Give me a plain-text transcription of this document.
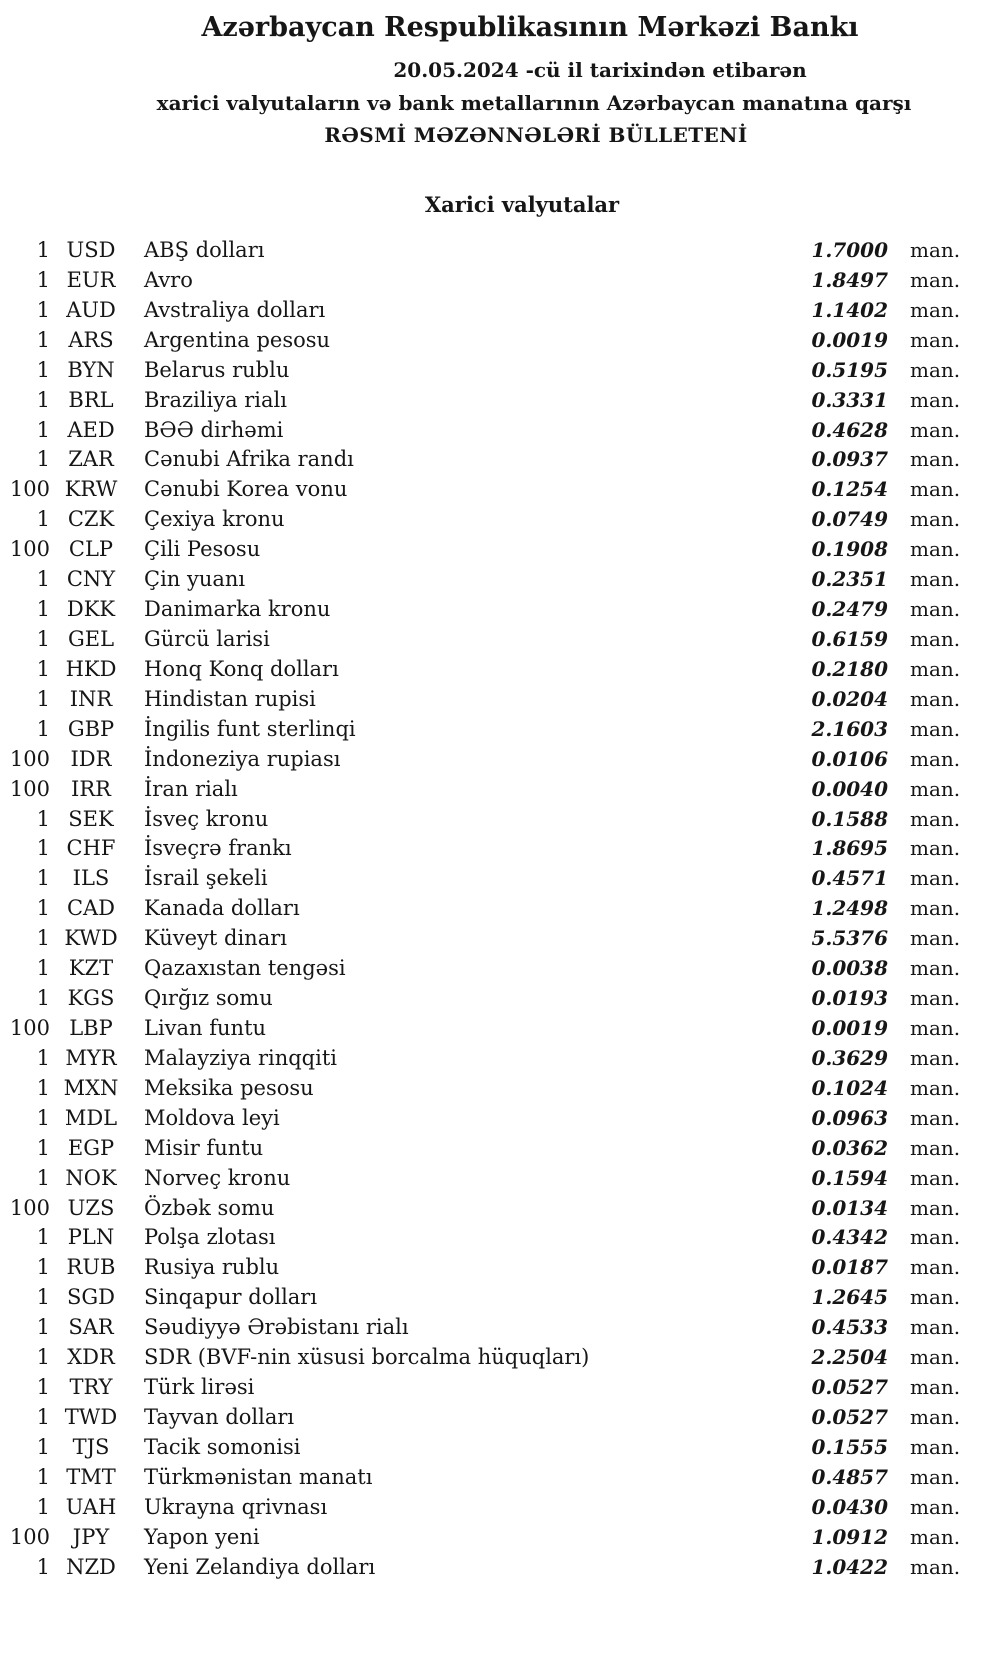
Azərbaycan Respublikasının Mərkəzi Bankı
20.05.2024 -cü il tarixindən etibarən
xarici valyutaların və bank metallarının Azərbaycan manatına qarşı
RƏSMİ MƏZƏNNƏLƏRİ BÜLLETENİ
Xarici valyutalar
1 USD	ABŞ dolları	1.7000	man.
1 EUR	Avro	1.8497	man.
1 AUD	Avstraliya dolları	1.1402	man.
1 ARS	Argentina pesosu	0.0019	man.
1 BYN	Belarus rublu	0.5195	man.
1 BRL	Braziliya rialı	0.3331	man.
1 AED	BƏƏ dirhəmi	0.4628	man.
1 ZAR	Cənubi Afrika randı	0.0937	man.
100 KRW	Cənubi Korea vonu	0.1254	man.
1 CZK	Çexiya kronu	0.0749	man.
100 CLP	Çili Pesosu	0.1908	man.
1 CNY	Çin yuanı	0.2351	man.
1 DKK	Danimarka kronu	0.2479	man.
1 GEL	Gürcü larisi	0.6159	man.
1 HKD	Honq Konq dolları	0.2180	man.
1 INR	Hindistan rupisi	0.0204	man.
1 GBP	İngilis funt sterlinqi	2.1603	man.
100 IDR	İndoneziya rupiası	0.0106	man.
100	IRR	İran rialı	0.0040	man.
1 SEK	İsveç kronu	0.1588	man.
1 CHF	İsveçrə frankı	1.8695	man.
1	ILS	İsrail şekeli	0.4571	man.
1 CAD	Kanada dolları	1.2498	man.
1 KWD	Küveyt dinarı	5.5376	man.
1 KZT	Qazaxıstan tengəsi	0.0038	man.
1 KGS	Qırğız somu	0.0193	man.
100 LBP	Livan funtu	0.0019	man.
1 MYR	Malayziya rinqqiti	0.3629	man.
1 MXN	Meksika pesosu	0.1024	man.
1 MDL	Moldova leyi	0.0963	man.
1 EGP	Misir funtu	0.0362	man.
1 NOK	Norveç kronu	0.1594	man.
100 UZS	Özbək somu	0.0134	man.
1 PLN	Polşa zlotası	0.4342	man.
1 RUB	Rusiya rublu	0.0187	man.
1 SGD	Sinqapur dolları	1.2645	man.
1 SAR	Səudiyyə Ərəbistanı rialı	0.4533	man.
1 XDR	SDR (BVF-nin xüsusi borcalma hüquqları)	2.2504	man.
1 TRY	Türk lirəsi	0.0527	man.
1 TWD	Tayvan dolları	0.0527	man.
1	TJS	Tacik somonisi	0.1555	man.
1 TMT	Türkmənistan manatı	0.4857	man.
1 UAH	Ukrayna qrivnası	0.0430	man.
100	JPY	Yapon yeni	1.0912	man.
1 NZD	Yeni Zelandiya dolları	1.0422	man.
